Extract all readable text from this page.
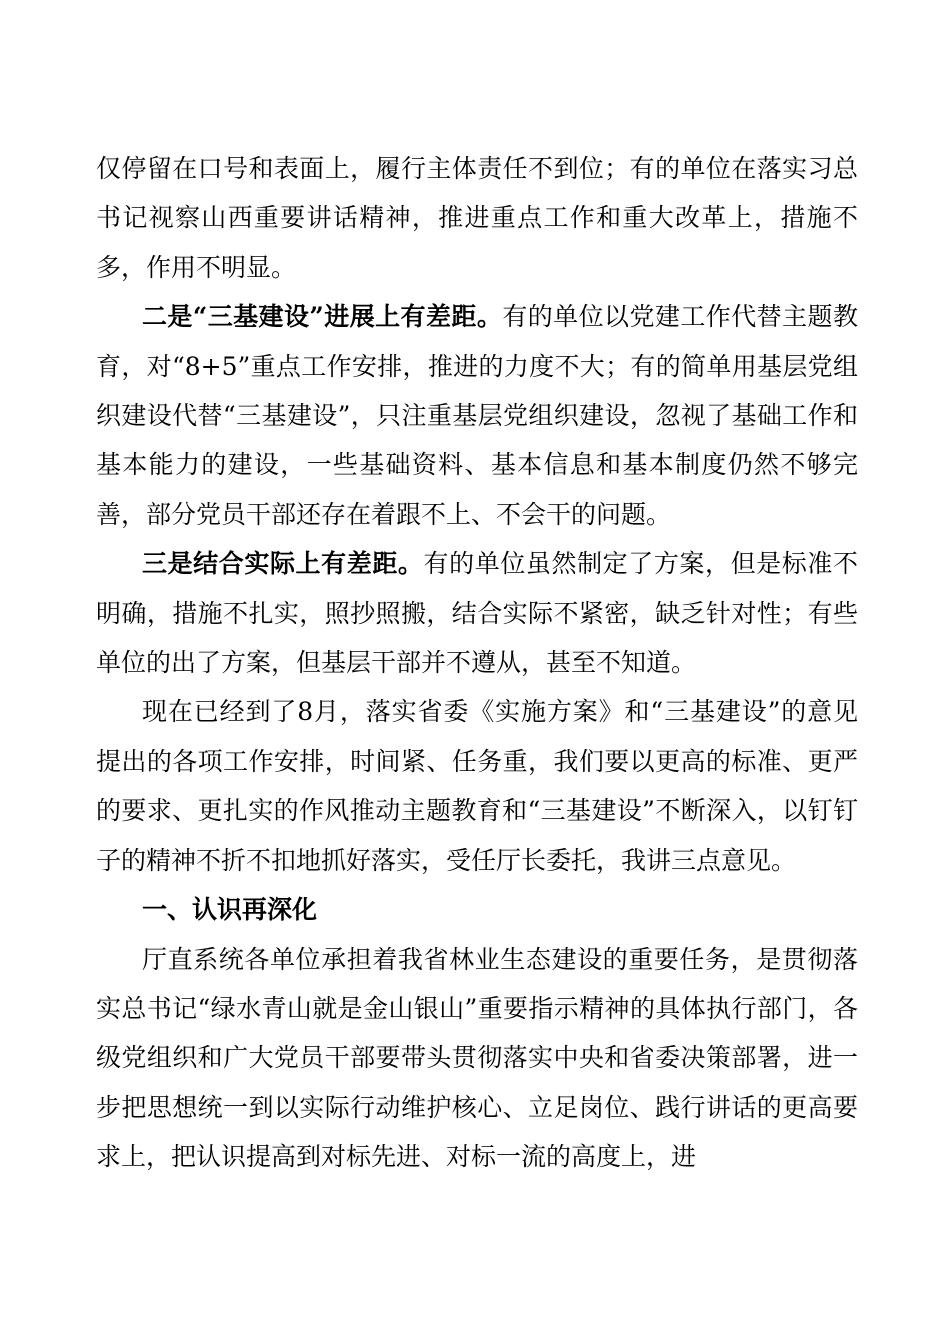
仅停留在口号和表面上，履行主体责任不到位；有的单位在落实习总书记视察山西重要讲话精神，推进重点工作和重大改革上，措施不多，作用不明显。

二是“三基建设”进展上有差距。有的单位以党建工作代替主题教育，对“8+5”重点工作安排，推进的力度不大；有的简单用基层党组织建设代替“三基建设”，只注重基层党组织建设，忽视了基础工作和基本能力的建设，一些基础资料、基本信息和基本制度仍然不够完善，部分党员干部还存在着跟不上、不会干的问题。

三是结合实际上有差距。有的单位虽然制定了方案，但是标准不明确，措施不扎实，照抄照搬，结合实际不紧密，缺乏针对性；有些单位的出了方案，但基层干部并不遵从，甚至不知道。

现在已经到了8月，落实省委《实施方案》和“三基建设”的意见提出的各项工作安排，时间紧、任务重，我们要以更高的标准、更严的要求、更扎实的作风推动主题教育和“三基建设”不断深入，以钉钉子的精神不折不扣地抓好落实，受任厅长委托，我讲三点意见。

一、认识再深化

厅直系统各单位承担着我省林业生态建设的重要任务，是贯彻落实总书记“绿水青山就是金山银山”重要指示精神的具体执行部门，各级党组织和广大党员干部要带头贯彻落实中央和省委决策部署，进一步把思想统一到以实际行动维护核心、立足岗位、践行讲话的更高要求上，把认识提高到对标先进、对标一流的高度上，进
